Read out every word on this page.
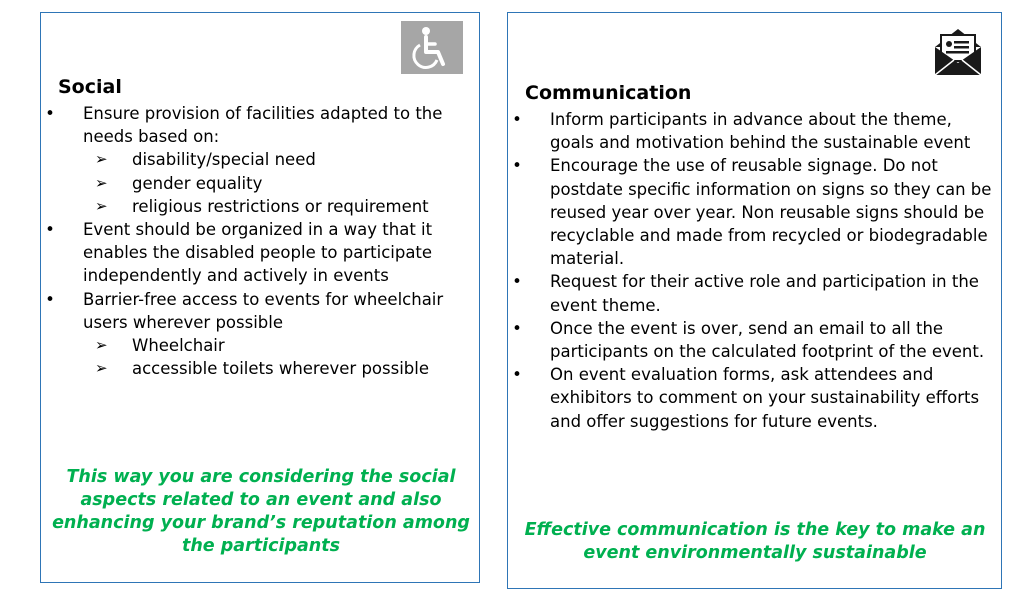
Social
• Ensure provision of facilities adapted to the needs based on:
➢ disability/special need
➢ gender equality
➢ religious restrictions or requirement
• Event should be organized in a way that it enables the disabled people to participate independently and actively in events
• Barrier-free access to events for wheelchair users wherever possible
➢ Wheelchair
➢ accessible toilets wherever possible

This way you are considering the social aspects related to an event and also enhancing your brand’s reputation among the participants

Communication
• Inform participants in advance about the theme, goals and motivation behind the sustainable event
• Encourage the use of reusable signage. Do not postdate specific information on signs so they can be reused year over year. Non reusable signs should be recyclable and made from recycled or biodegradable material.
• Request for their active role and participation in the event theme.
• Once the event is over, send an email to all the participants on the calculated footprint of the event.
• On event evaluation forms, ask attendees and exhibitors to comment on your sustainability efforts and offer suggestions for future events.

Effective communication is the key to make an event environmentally sustainable
